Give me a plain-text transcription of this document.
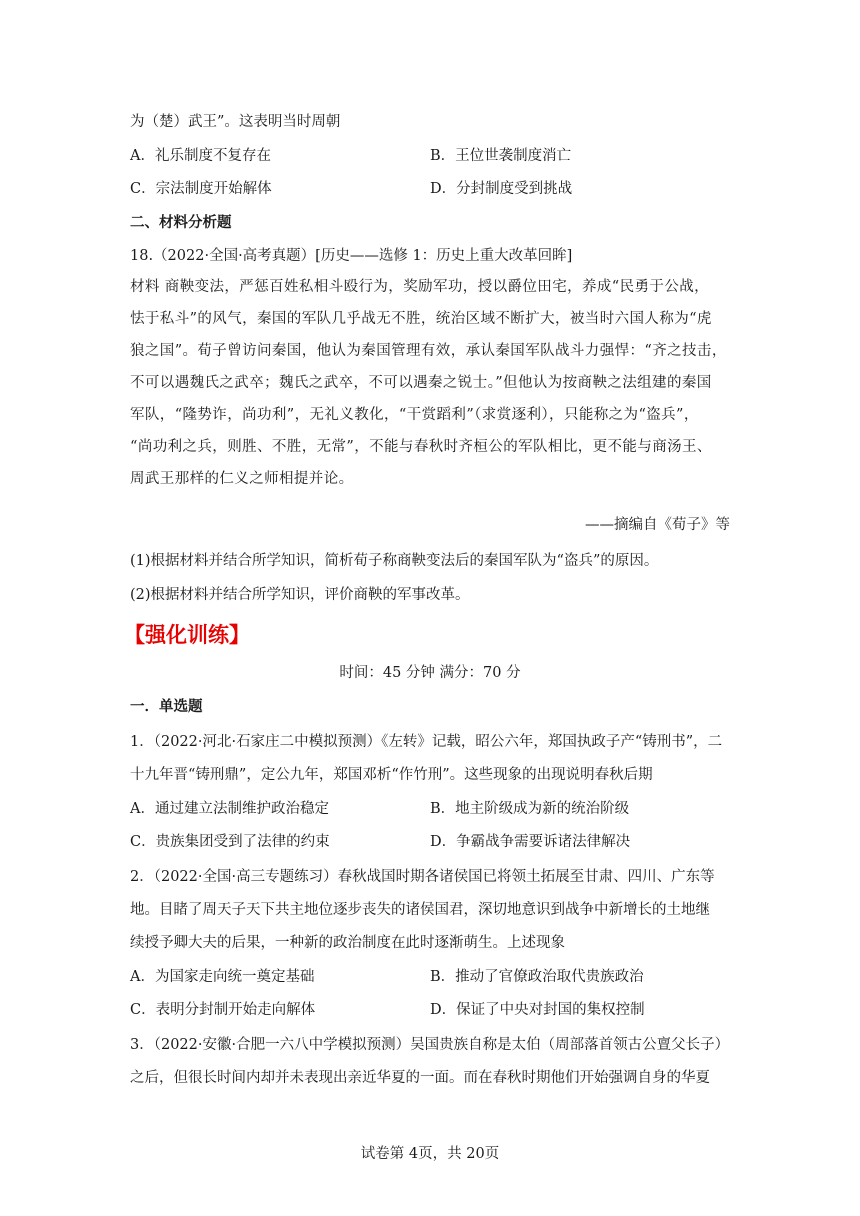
为（楚）武王”。这表明当时周朝
A．礼乐制度不复存在	B．王位世袭制度消亡
C．宗法制度开始解体	D．分封制度受到挑战
二、材料分析题
18.（2022·全国·高考真题）[历史——选修 1：历史上重大改革回眸]
材料 商鞅变法，严惩百姓私相斗殴行为，奖励军功，授以爵位田宅，养成“民勇于公战，
怯于私斗”的风气，秦国的军队几乎战无不胜，统治区域不断扩大，被当时六国人称为“虎
狼之国”。荀子曾访问秦国，他认为秦国管理有效，承认秦国军队战斗力强悍：“齐之技击，
不可以遇魏氏之武卒；魏氏之武卒，不可以遇秦之锐士。”但他认为按商鞅之法组建的秦国
军队，“隆势诈，尚功利”，无礼义教化，“干赏蹈利”（求赏逐利），只能称之为“盗兵”，
“尚功利之兵，则胜、不胜，无常”，不能与春秋时齐桓公的军队相比，更不能与商汤王、
周武王那样的仁义之师相提并论。
——摘编自《荀子》等
(1)根据材料并结合所学知识，简析荀子称商鞅变法后的秦国军队为“盗兵”的原因。
(2)根据材料并结合所学知识，评价商鞅的军事改革。
【强化训练】
时间：45 分钟 满分：70 分
一．单选题
1．（2022·河北·石家庄二中模拟预测）《左转》记载，昭公六年，郑国执政子产“铸刑书”，二
十九年晋“铸刑鼎”，定公九年，郑国邓析“作竹刑”。这些现象的出现说明春秋后期
A．通过建立法制维护政治稳定	B．地主阶级成为新的统治阶级
C．贵族集团受到了法律的约束	D．争霸战争需要诉诸法律解决
2．（2022·全国·高三专题练习）春秋战国时期各诸侯国已将领土拓展至甘肃、四川、广东等
地。目睹了周天子天下共主地位逐步丧失的诸侯国君，深切地意识到战争中新增长的土地继
续授予卿大夫的后果，一种新的政治制度在此时逐渐萌生。上述现象
A．为国家走向统一奠定基础	B．推动了官僚政治取代贵族政治
C．表明分封制开始走向解体	D．保证了中央对封国的集权控制
3．（2022·安徽·合肥一六八中学模拟预测）吴国贵族自称是太伯（周部落首领古公亶父长子）
之后，但很长时间内却并未表现出亲近华夏的一面。而在春秋时期他们开始强调自身的华夏
试卷第 4页，共 20页
